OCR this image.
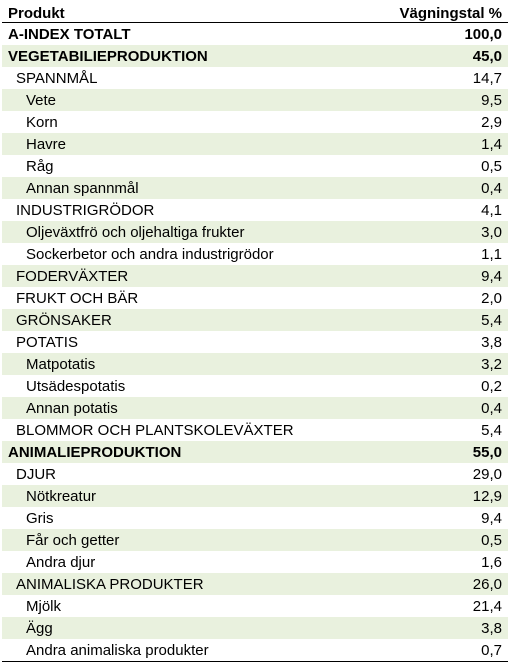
Produkt	Vägningstal %
A-INDEX TOTALT	100,0
VEGETABILIEPRODUKTION	45,0
SPANNMÅL	14,7
Vete	9,5
Korn	2,9
Havre	1,4
Råg	0,5
Annan spannmål	0,4
INDUSTRIGRÖDOR	4,1
Oljeväxtfrö och oljehaltiga frukter	3,0
Sockerbetor och andra industrigrödor	1,1
FODERVÄXTER	9,4
FRUKT OCH BÄR	2,0
GRÖNSAKER	5,4
POTATIS	3,8
Matpotatis	3,2
Utsädespotatis	0,2
Annan potatis	0,4
BLOMMOR OCH PLANTSKOLEVÄXTER	5,4
ANIMALIEPRODUKTION	55,0
DJUR	29,0
Nötkreatur	12,9
Gris	9,4
Får och getter	0,5
Andra djur	1,6
ANIMALISKA PRODUKTER	26,0
Mjölk	21,4
Ägg	3,8
Andra animaliska produkter	0,7
